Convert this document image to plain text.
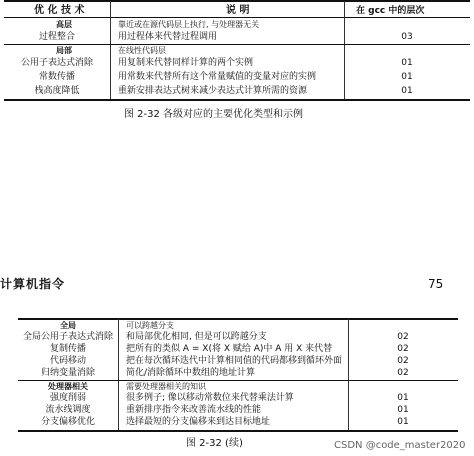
优 化 技 术	说 明	在 gcc 中的层次
高层	靠近或在源代码层上执行, 与处理器无关
过程整合	用过程体来代替过程调用	03
局部	在线性代码层
公用子表达式消除	用复制来代替同样计算的两个实例	01
常数传播	用常数来代替所有这个常量赋值的变量对应的实例	01
栈高度降低	重新安排表达式树来减少表达式计算所需的资源	01
图 2-32 各级对应的主要优化类型和示例
计算机指令	75
全局	可以跨越分支
全局公用子表达式消除	和局部优化相同, 但是可以跨越分支	02
复制传播	把所有的类似 A = X(将 X 赋给 A)中 A 用 X 来代替	02
代码移动	把在每次循环迭代中计算相同值的代码都移到循环外面	02
归纳变量消除	简化/消除循环中数组的地址计算	02
处理器相关	需要处理器相关的知识
强度削弱	很多例子; 像以移动常数位来代替乘法计算	01
流水线调度	重新排序指令来改善流水线的性能	01
分支偏移优化	选择最短的分支偏移来到达目标地址	01
图 2-32 (续)	CSDN @code_master2020
